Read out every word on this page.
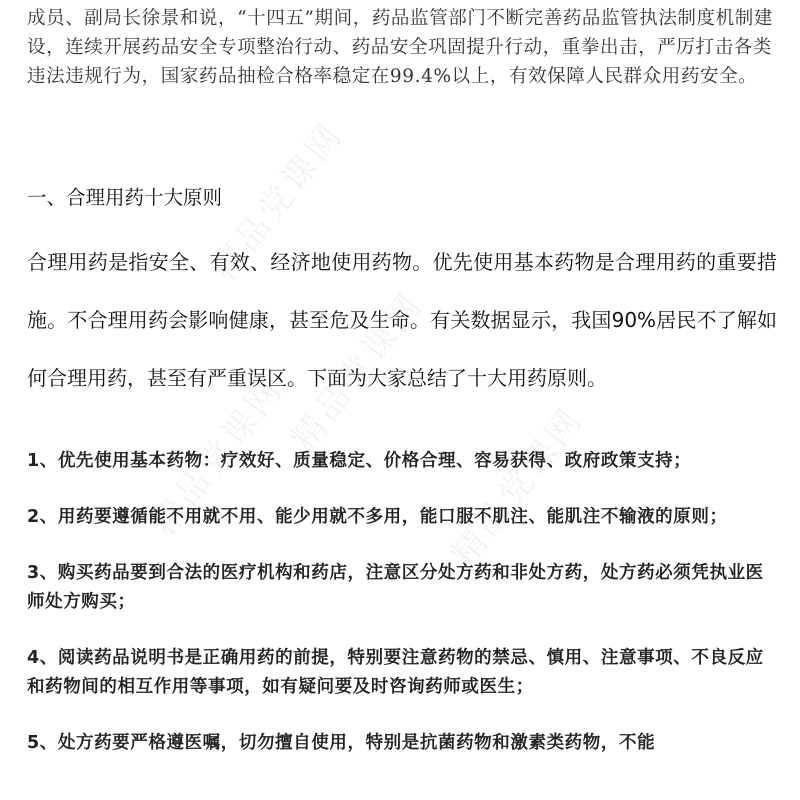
成员、副局长徐景和说，“十四五”期间，药品监管部门不断完善药品监管执法制度机制建设，连续开展药品安全专项整治行动、药品安全巩固提升行动，重拳出击，严厉打击各类违法违规行为，国家药品抽检合格率稳定在99.4%以上，有效保障人民群众用药安全。

一、合理用药十大原则

合理用药是指安全、有效、经济地使用药物。优先使用基本药物是合理用药的重要措施。不合理用药会影响健康，甚至危及生命。有关数据显示，我国90%居民不了解如何合理用药，甚至有严重误区。下面为大家总结了十大用药原则。

1、优先使用基本药物：疗效好、质量稳定、价格合理、容易获得、政府政策支持；
2、用药要遵循能不用就不用、能少用就不多用，能口服不肌注、能肌注不输液的原则；
3、购买药品要到合法的医疗机构和药店，注意区分处方药和非处方药，处方药必须凭执业医师处方购买；
4、阅读药品说明书是正确用药的前提，特别要注意药物的禁忌、慎用、注意事项、不良反应和药物间的相互作用等事项，如有疑问要及时咨询药师或医生；
5、处方药要严格遵医嘱，切勿擅自使用，特别是抗菌药物和激素类药物，不能
精品党课网
精品党课网
精品党课网	精品党课网
